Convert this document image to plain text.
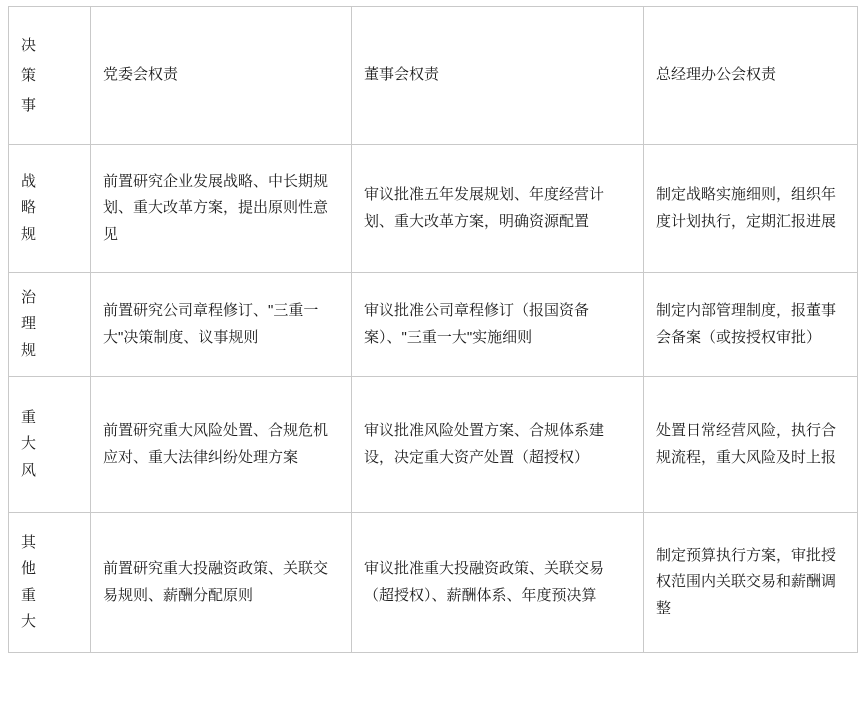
决
策
事	党委会权责	董事会权责	总经理办公会权责

战
略
规	前置研究企业发展战略、中长期规划、重大改革方案，提出原则性意见	审议批准五年发展规划、年度经营计划、重大改革方案，明确资源配置	制定战略实施细则，组织年度计划执行，定期汇报进展

治
理
规	前置研究公司章程修订、"三重一大"决策制度、议事规则	审议批准公司章程修订（报国资备案）、"三重一大"实施细则	制定内部管理制度，报董事会备案（或按授权审批）

重
大
风	前置研究重大风险处置、合规危机应对、重大法律纠纷处理方案	审议批准风险处置方案、合规体系建设，决定重大资产处置（超授权）	处置日常经营风险，执行合规流程，重大风险及时上报

其
他
重
大	前置研究重大投融资政策、关联交易规则、薪酬分配原则	审议批准重大投融资政策、关联交易（超授权）、薪酬体系、年度预决算	制定预算执行方案，审批授权范围内关联交易和薪酬调整
